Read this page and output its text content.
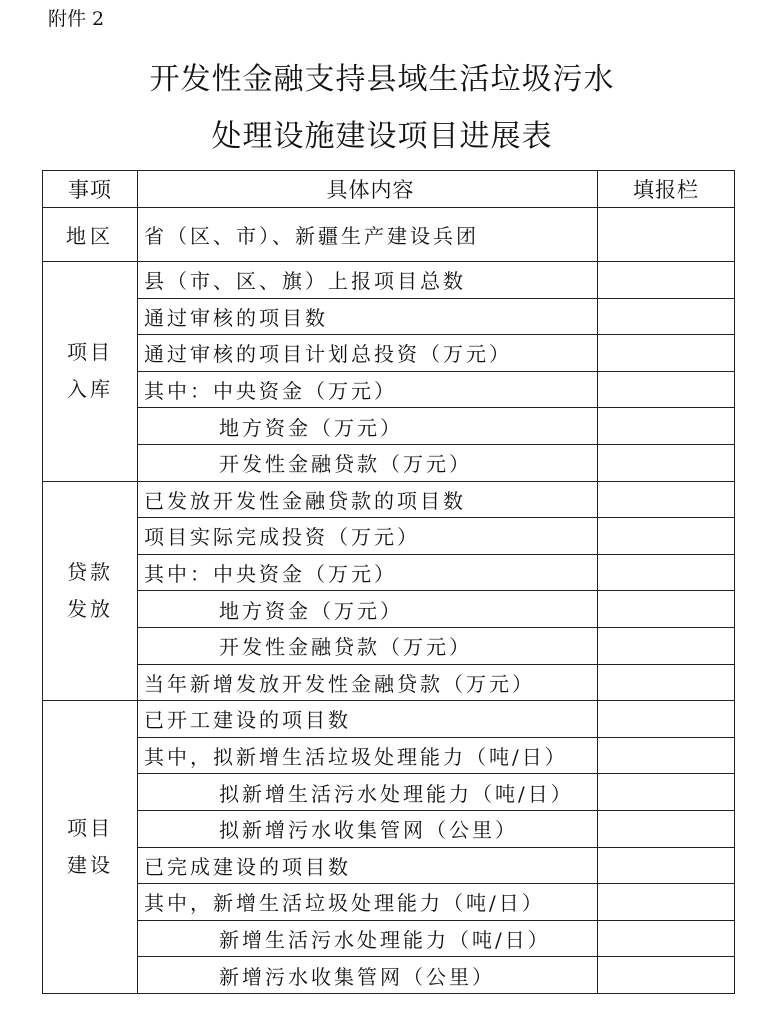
附件 2
开发性金融支持县域生活垃圾污水
处理设施建设项目进展表
事项	具体内容	填报栏
地区	省（区、市）、新疆生产建设兵团	

项目
入库	县（市、区、旗）上报项目总数	
	通过审核的项目数	
	通过审核的项目计划总投资（万元）	
	其中：中央资金（万元）	
	地方资金（万元）	
	开发性金融贷款（万元）	

贷款
发放	已发放开发性金融贷款的项目数	
	项目实际完成投资（万元）	
	其中：中央资金（万元）	
	地方资金（万元）	
	开发性金融贷款（万元）	
	当年新增发放开发性金融贷款（万元）	

项目
建设	已开工建设的项目数	
	其中，拟新增生活垃圾处理能力（吨/日）	
	拟新增生活污水处理能力（吨/日）	
	拟新增污水收集管网（公里）	
	已完成建设的项目数	
	其中，新增生活垃圾处理能力（吨/日）	
	新增生活污水处理能力（吨/日）	
	新增污水收集管网（公里）	
